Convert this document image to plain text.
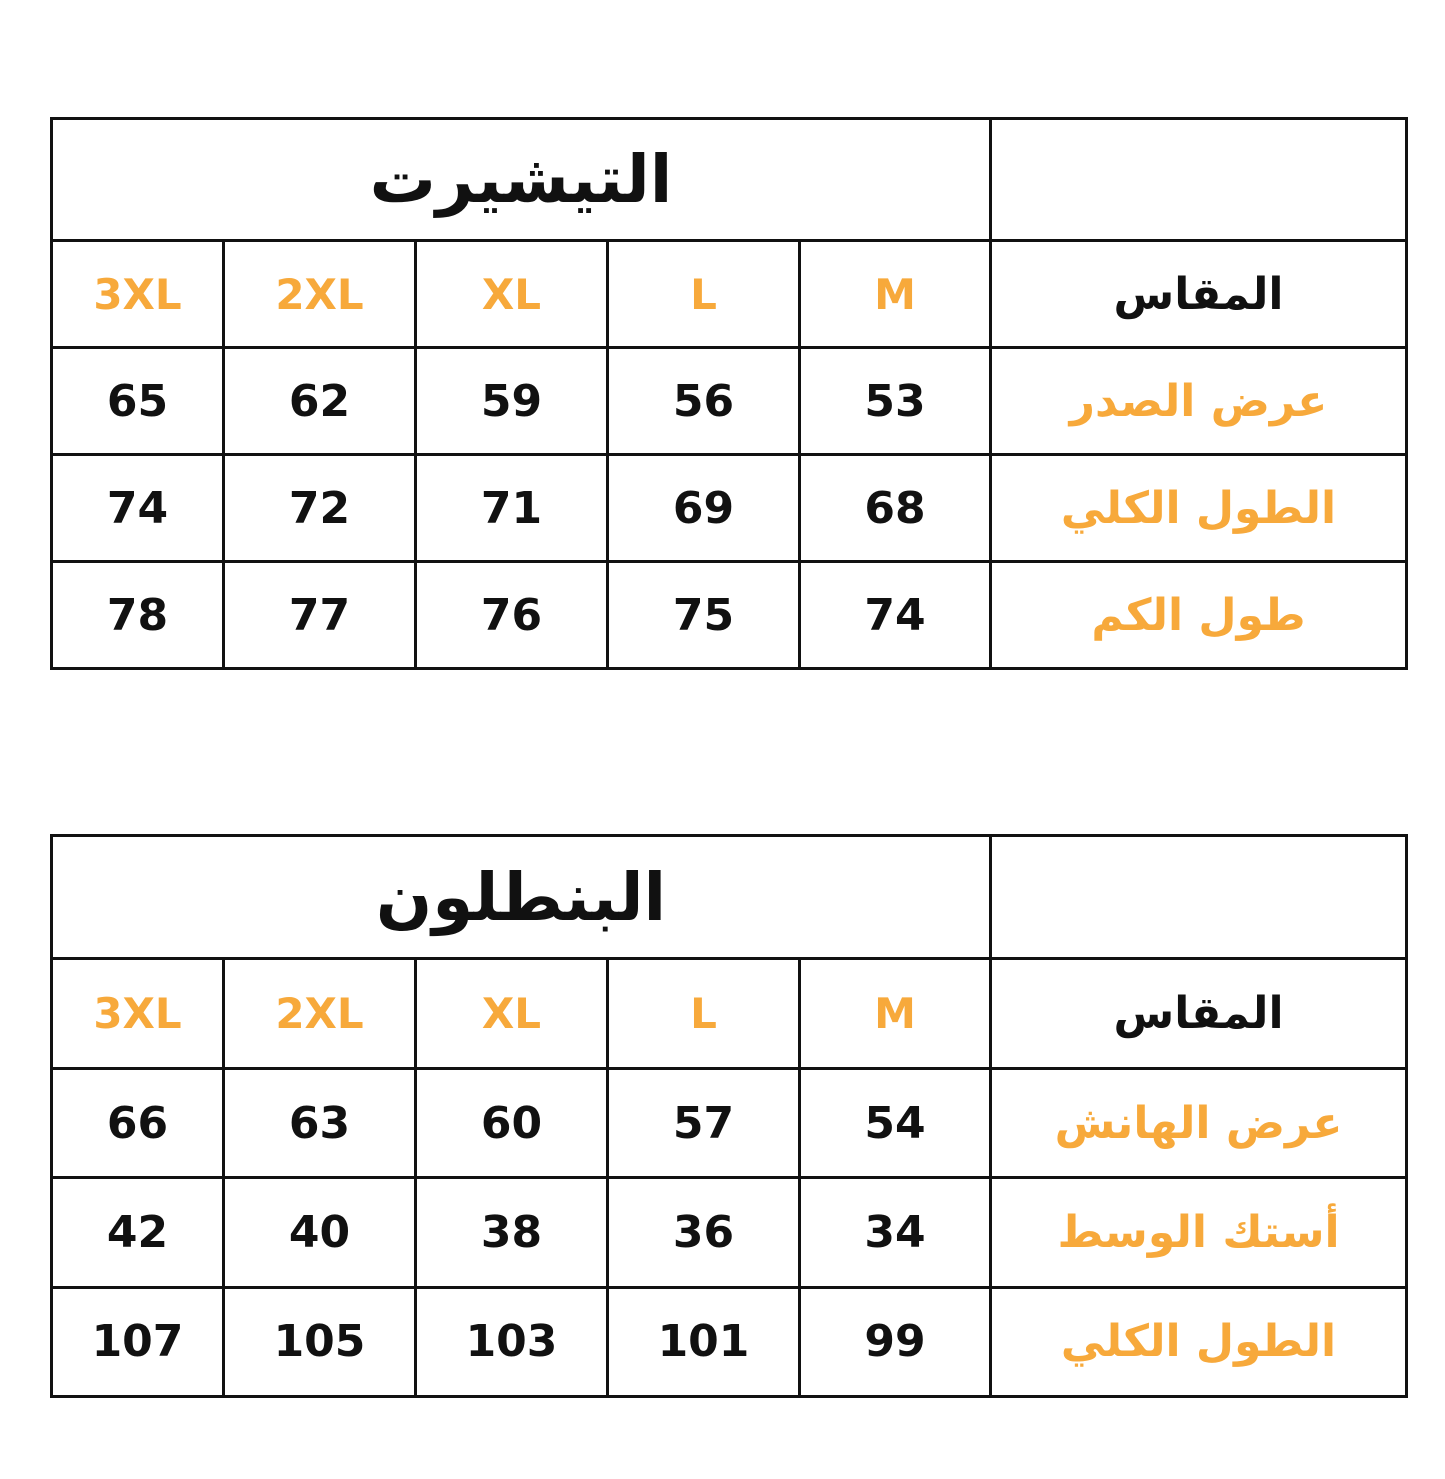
التيشيرت					
3XL	2XL	XL	L	M	المقاس
65	62	59	56	53	عرض الصدر
74	72	71	69	68	الطول الكلي
78	77	76	75	74	طول الكم
البنطلون					
3XL	2XL	XL	L	M	المقاس
66	63	60	57	54	عرض الهانش
42	40	38	36	34	أستك الوسط
107	105	103	101	99	الطول الكلي
